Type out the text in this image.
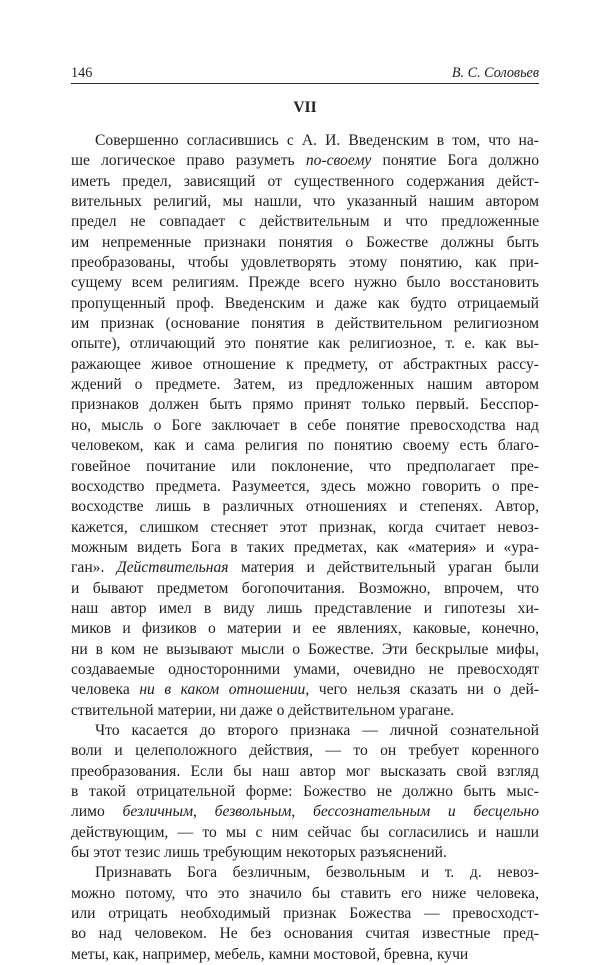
146	В. С. Соловьев
VII
Совершенно согласившись с А. И. Введенским в том, что на-
ше логическое право разуметь по-своему понятие Бога должно
иметь предел, зависящий от существенного содержания дейст-
вительных религий, мы нашли, что указанный нашим автором
предел не совпадает с действительным и что предложенные
им непременные признаки понятия о Божестве должны быть
преобразованы, чтобы удовлетворять этому понятию, как при-
сущему всем религиям. Прежде всего нужно было восстановить
пропущенный проф. Введенским и даже как будто отрицаемый
им признак (основание понятия в действительном религиозном
опыте), отличающий это понятие как религиозное, т. е. как вы-
ражающее живое отношение к предмету, от абстрактных рассу-
ждений о предмете. Затем, из предложенных нашим автором
признаков должен быть прямо принят только первый. Бесспор-
но, мысль о Боге заключает в себе понятие превосходства над
человеком, как и сама религия по понятию своему есть благо-
говейное почитание или поклонение, что предполагает пре-
восходство предмета. Разумеется, здесь можно говорить о пре-
восходстве лишь в различных отношениях и степенях. Автор,
кажется, слишком стесняет этот признак, когда считает невоз-
можным видеть Бога в таких предметах, как «материя» и «ура-
ган». Действительная материя и действительный ураган были
и бывают предметом богопочитания. Возможно, впрочем, что
наш автор имел в виду лишь представление и гипотезы хи-
миков и физиков о материи и ее явлениях, каковые, конечно,
ни в ком не вызывают мысли о Божестве. Эти бескрылые мифы,
создаваемые односторонними умами, очевидно не превосходят
человека ни в каком отношении, чего нельзя сказать ни о дей-
ствительной материи, ни даже о действительном урагане.
Что касается до второго признака — личной сознательной
воли и целеположного действия, — то он требует коренного
преобразования. Если бы наш автор мог высказать свой взгляд
в такой отрицательной форме: Божество не должно быть мыс-
лимо безличным, безвольным, бессознательным и бесцельно
действующим, — то мы с ним сейчас бы согласились и нашли
бы этот тезис лишь требующим некоторых разъяснений.
Признавать Бога безличным, безвольным и т. д. невоз-
можно потому, что это значило бы ставить его ниже человека,
или отрицать необходимый признак Божества — превосходст-
во над человеком. Не без основания считая известные пред-
меты, как, например, мебель, камни мостовой, бревна, кучи
